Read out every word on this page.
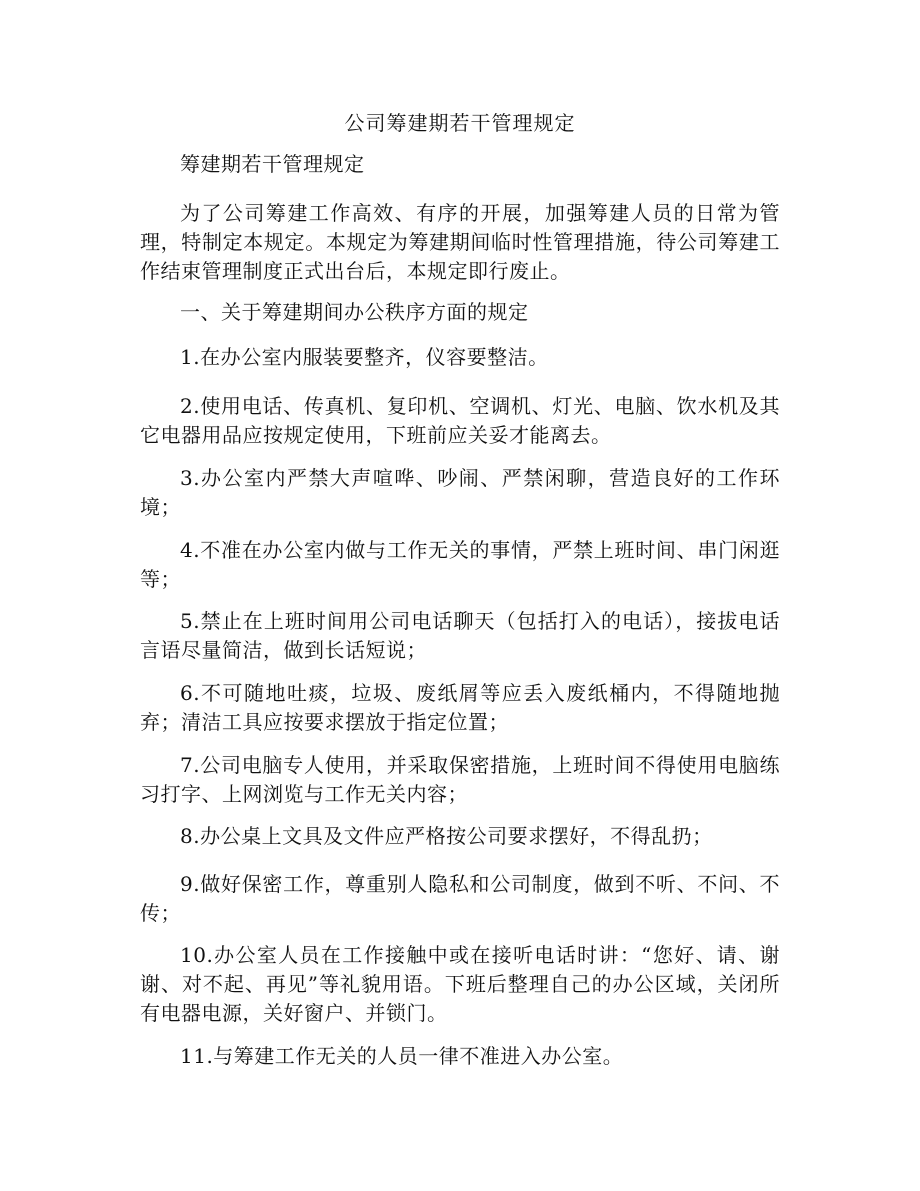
公司筹建期若干管理规定

筹建期若干管理规定

为了公司筹建工作高效、有序的开展，加强筹建人员的日常为管理，特制定本规定。本规定为筹建期间临时性管理措施，待公司筹建工作结束管理制度正式出台后，本规定即行废止。

一、关于筹建期间办公秩序方面的规定

1.在办公室内服装要整齐，仪容要整洁。

2.使用电话、传真机、复印机、空调机、灯光、电脑、饮水机及其它电器用品应按规定使用，下班前应关妥才能离去。

3.办公室内严禁大声喧哗、吵闹、严禁闲聊，营造良好的工作环境；

4.不准在办公室内做与工作无关的事情，严禁上班时间、串门闲逛等；

5.禁止在上班时间用公司电话聊天（包括打入的电话），接拔电话言语尽量简洁，做到长话短说；

6.不可随地吐痰，垃圾、废纸屑等应丢入废纸桶内，不得随地抛弃；清洁工具应按要求摆放于指定位置；

7.公司电脑专人使用，并采取保密措施，上班时间不得使用电脑练习打字、上网浏览与工作无关内容；

8.办公桌上文具及文件应严格按公司要求摆好，不得乱扔；

9.做好保密工作，尊重别人隐私和公司制度，做到不听、不问、不传；

10.办公室人员在工作接触中或在接听电话时讲：“您好、请、谢谢、对不起、再见”等礼貌用语。下班后整理自己的办公区域，关闭所有电器电源，关好窗户、并锁门。

11.与筹建工作无关的人员一律不准进入办公室。
